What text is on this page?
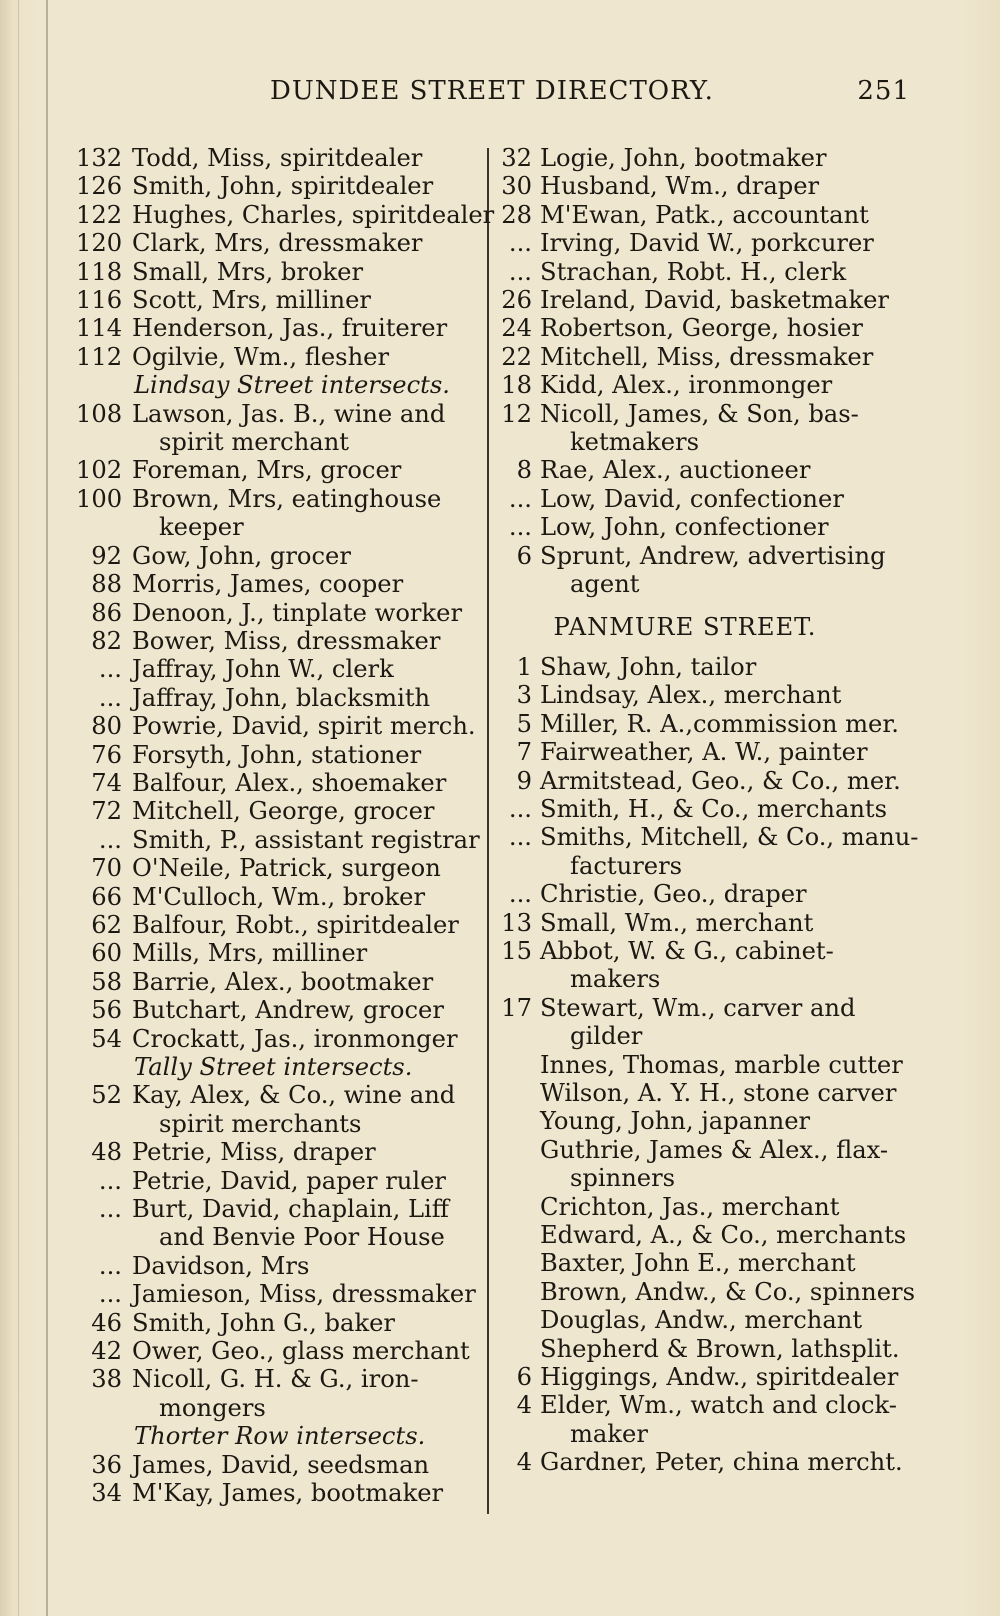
DUNDEE STREET DIRECTORY.	251
132 Todd, Miss, spiritdealer
126 Smith, John, spiritdealer
122 Hughes, Charles, spiritdealer
120 Clark, Mrs, dressmaker
118 Small, Mrs, broker
116 Scott, Mrs, milliner
114 Henderson, Jas., fruiterer
112 Ogilvie, Wm., flesher
Lindsay Street intersects.
108 Lawson, Jas. B., wine and
spirit merchant
102 Foreman, Mrs, grocer
100 Brown, Mrs, eatinghouse
keeper
92 Gow, John, grocer
88 Morris, James, cooper
86 Denoon, J., tinplate worker
82 Bower, Miss, dressmaker
... Jaffray, John W., clerk
... Jaffray, John, blacksmith
80 Powrie, David, spirit merch.
76 Forsyth, John, stationer
74 Balfour, Alex., shoemaker
72 Mitchell, George, grocer
... Smith, P., assistant registrar
70 O'Neile, Patrick, surgeon
66 M'Culloch, Wm., broker
62 Balfour, Robt., spiritdealer
60 Mills, Mrs, milliner
58 Barrie, Alex., bootmaker
56 Butchart, Andrew, grocer
54 Crockatt, Jas., ironmonger
Tally Street intersects.
52 Kay, Alex, & Co., wine and
spirit merchants
48 Petrie, Miss, draper
... Petrie, David, paper ruler
... Burt, David, chaplain, Liff
and Benvie Poor House
... Davidson, Mrs
... Jamieson, Miss, dressmaker
46 Smith, John G., baker
42 Ower, Geo., glass merchant
38 Nicoll, G. H. & G., iron-
mongers
Thorter Row intersects.
36 James, David, seedsman
34 M'Kay, James, bootmaker
32 Logie, John, bootmaker
30 Husband, Wm., draper
28 M'Ewan, Patk., accountant
... Irving, David W., porkcurer
... Strachan, Robt. H., clerk
26 Ireland, David, basketmaker
24 Robertson, George, hosier
22 Mitchell, Miss, dressmaker
18 Kidd, Alex., ironmonger
12 Nicoll, James, & Son, bas-
ketmakers
8 Rae, Alex., auctioneer
... Low, David, confectioner
... Low, John, confectioner
6 Sprunt, Andrew, advertising
agent
PANMURE STREET.
1 Shaw, John, tailor
3 Lindsay, Alex., merchant
5 Miller, R. A.,commission mer.
7 Fairweather, A. W., painter
9 Armitstead, Geo., & Co., mer.
... Smith, H., & Co., merchants
... Smiths, Mitchell, & Co., manu-
facturers
... Christie, Geo., draper
13 Small, Wm., merchant
15 Abbot, W. & G., cabinet-
makers
17 Stewart, Wm., carver and
gilder
Innes, Thomas, marble cutter
Wilson, A. Y. H., stone carver
Young, John, japanner
Guthrie, James & Alex., flax-
spinners
Crichton, Jas., merchant
Edward, A., & Co., merchants
Baxter, John E., merchant
Brown, Andw., & Co., spinners
Douglas, Andw., merchant
Shepherd & Brown, lathsplit.
6 Higgings, Andw., spiritdealer
4 Elder, Wm., watch and clock-
maker
4 Gardner, Peter, china mercht.
